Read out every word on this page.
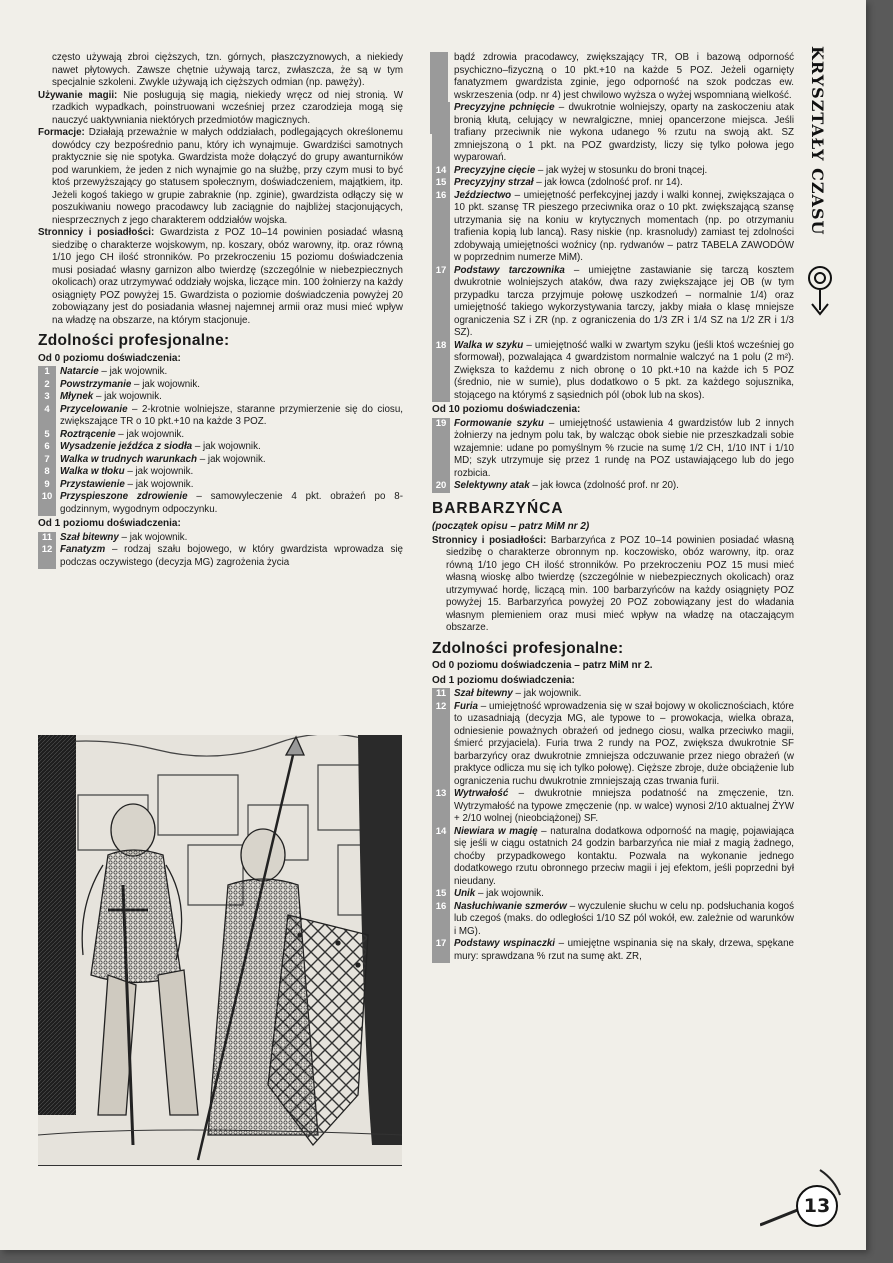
często używają zbroi cięższych, tzn. górnych, płaszczyznowych, a niekiedy nawet płytowych. Zawsze chętnie używają tarcz, zwłaszcza, że są w tym specjalnie szkoleni. Zwykle używają ich cięższych odmian (np. pawęży).

Używanie magii: Nie posługują się magią, niekiedy wręcz od niej stronią. W rzadkich wypadkach, poinstruowani wcześniej przez czarodzieja mogą się nauczyć uaktywniania niektórych przedmiotów magicznych.

Formacje: Działają przeważnie w małych oddziałach, podlegających określonemu dowódcy czy bezpośrednio panu, który ich wynajmuje. Gwardziści samotnych praktycznie się nie spotyka. Gwardzista może dołączyć do grupy awanturników pod warunkiem, że jeden z nich wynajmie go na służbę, przy czym musi to być ktoś przewyższający go statusem społecznym, doświadczeniem, majątkiem, itp. Jeżeli kogoś takiego w grupie zabraknie (np. zginie), gwardzista odłączy się w poszukiwaniu nowego pracodawcy lub zaciągnie do najbliżej stacjonujących, niesprzecznych z jego charakterem oddziałów wojska.

Stronnicy i posiadłości: Gwardzista z POZ 10–14 powinien posiadać własną siedzibę o charakterze wojskowym, np. koszary, obóz warowny, itp. oraz równą 1/10 jego CH ilość stronników. Po przekroczeniu 15 poziomu doświadczenia musi posiadać własny garnizon albo twierdzę (szczególnie w niebezpiecznych okolicach) oraz utrzymywać oddziały wojska, liczące min. 100 żołnierzy na każdy osiągnięty POZ powyżej 15. Gwardzista o poziomie doświadczenia powyżej 20 zobowiązany jest do posiadania własnej najemnej armii oraz musi mieć wpływ na władzę na obszarze, na którym stacjonuje.

Zdolności profesjonalne:
Od 0 poziomu doświadczenia:
1	Natarcie – jak wojownik.
2	Powstrzymanie – jak wojownik.
3	Młynek – jak wojownik.
4	Przycelowanie – 2-krotnie wolniejsze, staranne przymierzenie się do ciosu, zwiększające TR o 10 pkt.+10 na każde 3 POZ.
5	Roztrącenie – jak wojownik.
6	Wysadzenie jeźdźca z siodła – jak wojownik.
7	Walka w trudnych warunkach – jak wojownik.
8	Walka w tłoku – jak wojownik.
9	Przystawienie – jak wojownik.
10 Przyspieszone zdrowienie – samowyleczenie 4 pkt. obrażeń po 8-godzinnym, wygodnym odpoczynku.
Od 1 poziomu doświadczenia:
11 Szał bitewny – jak wojownik.
12 Fanatyzm – rodzaj szału bojowego, w który gwardzista wprowadza się podczas oczywistego (decyzja MG) zagrożenia życia

bądź zdrowia pracodawcy, zwiększający TR, OB i bazową odporność psychiczno–fizyczną o 10 pkt.+10 na każde 5 POZ. Jeżeli ogarnięty fanatyzmem gwardzista zginie, jego odporność na szok podczas ew. wskrzeszenia (odp. nr 4) jest chwilowo wyższa o wyżej wspomnianą wielkość.

Precyzyjne pchnięcie – dwukrotnie wolniejszy, oparty na zaskoczeniu atak bronią kłutą, celujący w newralgiczne, mniej opancerzone miejsca. Jeśli trafiany przeciwnik nie wykona udanego % rzutu na swoją akt. SZ zmniejszoną o 1 pkt. na POZ gwardzisty, liczy się tylko połowa jego wyparowań.
14 Precyzyjne cięcie – jak wyżej w stosunku do broni tnącej.
15 Precyzyjny strzał – jak łowca (zdolność prof. nr 14).
16 Jeździectwo – umiejętność perfekcyjnej jazdy i walki konnej, zwiększająca o 10 pkt. szansę TR pieszego przeciwnika oraz o 10 pkt. zwiększającą szansę utrzymania się na koniu w krytycznych momentach (np. po otrzymaniu trafienia kopią lub lancą). Rasy niskie (np. krasnoludy) zamiast tej zdolności zdobywają umiejętności woźnicy (np. rydwanów – patrz TABELA ZAWODÓW w poprzednim numerze MiM).
17 Podstawy tarczownika – umiejętne zastawianie się tarczą kosztem dwukrotnie wolniejszych ataków, dwa razy zwiększające jej OB (w tym przypadku tarcza przyjmuje połowę uszkodzeń – normalnie 1/4) oraz umiejętność takiego wykorzystywania tarczy, jakby miała o klasę mniejsze ograniczenia SZ i ZR (np. z ograniczenia do 1/3 ZR i 1/4 SZ na 1/2 ZR i 1/3 SZ).
18 Walka w szyku – umiejętność walki w zwartym szyku (jeśli ktoś wcześniej go sformował), pozwalająca 4 gwardzistom normalnie walczyć na 1 polu (2 m²). Zwiększa to każdemu z nich obronę o 10 pkt.+10 na każde ich 5 POZ (średnio, nie w sumie), plus dodatkowo o 5 pkt. za każdego sojusznika, stojącego na którymś z sąsiednich pól (obok lub na skos).
Od 10 poziomu doświadczenia:
19 Formowanie szyku – umiejętność ustawienia 4 gwardzistów lub 2 innych żołnierzy na jednym polu tak, by walcząc obok siebie nie przeszkadzali sobie wzajemnie: udane po pomyślnym % rzucie na sumę 1/2 CH, 1/10 INT i 1/10 MD; szyk utrzymuje się przez 1 rundę na POZ ustawiającego lub do jego rozbicia.
20 Selektywny atak – jak łowca (zdolność prof. nr 20).
BARBARZYŃCA

(początek opisu – patrz MiM nr 2)

Stronnicy i posiadłości: Barbarzyńca z POZ 10–14 powinien posiadać własną siedzibę o charakterze obronnym np. koczowisko, obóz warowny, itp. oraz równą 1/10 jego CH ilość stronników. Po przekroczeniu POZ 15 musi mieć własną wioskę albo twierdzę (szczególnie w niebezpiecznych okolicach) oraz utrzymywać hordę, liczącą min. 100 barbarzyńców na każdy osiągnięty POZ powyżej 15. Barbarzyńca powyżej 20 POZ zobowiązany jest do władania własnym plemieniem oraz musi mieć wpływ na władzę na otaczającym obszarze.

Zdolności profesjonalne:
Od 0 poziomu doświadczenia – patrz MiM nr 2.
Od 1 poziomu doświadczenia:
11 Szał bitewny – jak wojownik.
12 Furia – umiejętność wprowadzenia się w szał bojowy w okolicznościach, które to uzasadniają (decyzja MG, ale typowe to – prowokacja, wielka obraza, odniesienie poważnych obrażeń od jednego ciosu, walka przeciwko magii, śmierć przyjaciela). Furia trwa 2 rundy na POZ, zwiększa dwukrotnie SF barbarzyńcy oraz dwukrotnie zmniejsza odczuwanie przez niego obrażeń (w praktyce odlicza mu się ich tylko połowę). Cięższe zbroje, duże obciążenie lub ograniczenia ruchu dwukrotnie zmniejszają czas trwania furii.
13 Wytrwałość – dwukrotnie mniejsza podatność na zmęczenie, tzn. Wytrzymałość na typowe zmęczenie (np. w walce) wynosi 2/10 aktualnej ŻYW + 2/10 wolnej (nieobciążonej) SF.
14 Niewiara w magię – naturalna dodatkowa odporność na magię, pojawiająca się jeśli w ciągu ostatnich 24 godzin barbarzyńca nie miał z magią żadnego, choćby przypadkowego kontaktu. Pozwala na wykonanie jednego dodatkowego rzutu obronnego przeciw magii i jej efektom, jeśli poprzedni był nieudany.
15 Unik – jak wojownik.
16 Nasłuchiwanie szmerów – wyczulenie słuchu w celu np. podsłuchania kogoś lub czegoś (maks. do odległości 1/10 SZ pól wokół, ew. zależnie od warunków i MG).
17 Podstawy wspinaczki – umiejętne wspinania się na skały, drzewa, spękane mury: sprawdzana % rzut na sumę akt. ZR,
KRYSZTAŁY CZASU
13
